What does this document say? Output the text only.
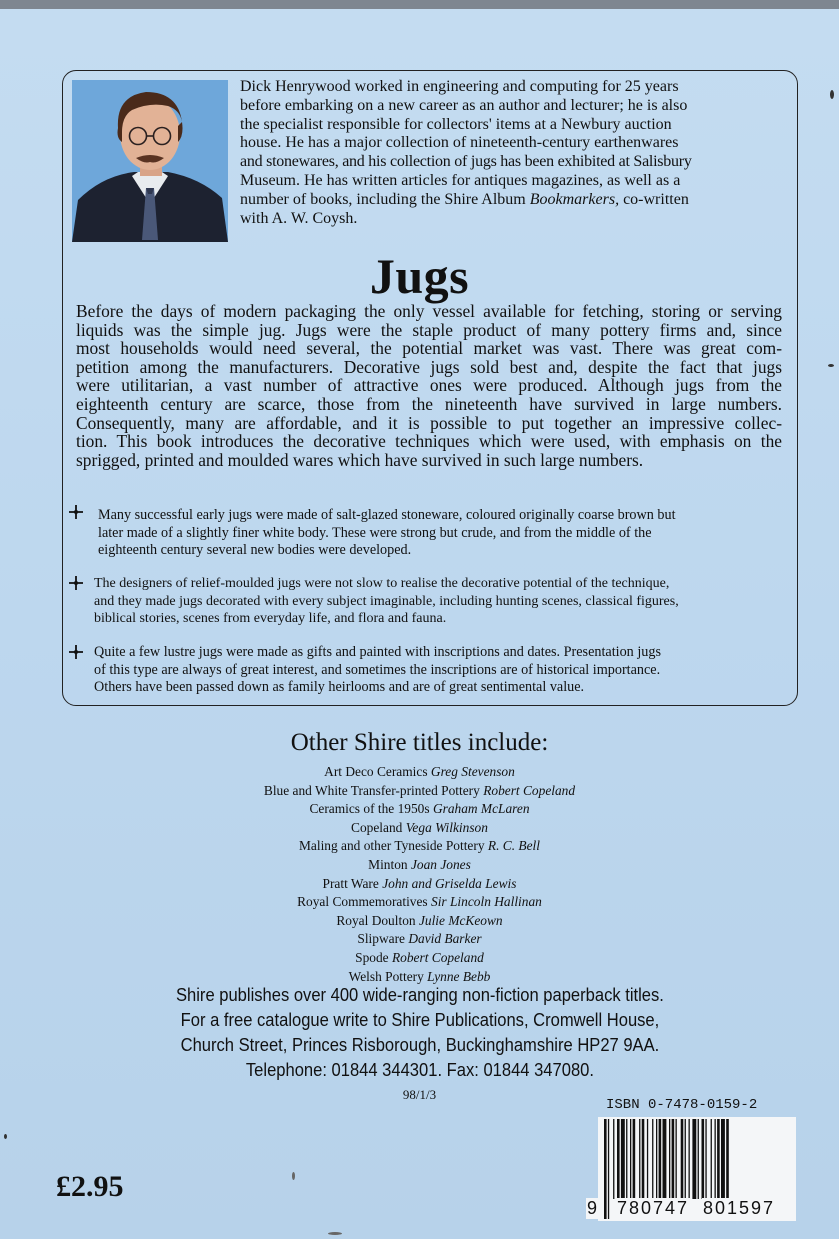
Dick Henrywood worked in engineering and computing for 25 years
before embarking on a new career as an author and lecturer; he is also
the specialist responsible for collectors' items at a Newbury auction
house. He has a major collection of nineteenth-century earthenwares
and stonewares, and his collection of jugs has been exhibited at Salisbury
Museum. He has written articles for antiques magazines, as well as a
number of books, including the Shire Album Bookmarkers, co-written
with A. W. Coysh.
Jugs
Before the days of modern packaging the only vessel available for fetching, storing or serving
liquids was the simple jug. Jugs were the staple product of many pottery firms and, since
most households would need several, the potential market was vast. There was great com-
petition among the manufacturers. Decorative jugs sold best and, despite the fact that jugs
were utilitarian, a vast number of attractive ones were produced. Although jugs from the
eighteenth century are scarce, those from the nineteenth have survived in large numbers.
Consequently, many are affordable, and it is possible to put together an impressive collec-
tion. This book introduces the decorative techniques which were used, with emphasis on the
sprigged, printed and moulded wares which have survived in such large numbers.
Many successful early jugs were made of salt-glazed stoneware, coloured originally coarse brown but
later made of a slightly finer white body. These were strong but crude, and from the middle of the
eighteenth century several new bodies were developed.
The designers of relief-moulded jugs were not slow to realise the decorative potential of the technique,
and they made jugs decorated with every subject imaginable, including hunting scenes, classical figures,
biblical stories, scenes from everyday life, and flora and fauna.
Quite a few lustre jugs were made as gifts and painted with inscriptions and dates. Presentation jugs
of this type are always of great interest, and sometimes the inscriptions are of historical importance.
Others have been passed down as family heirlooms and are of great sentimental value.
Other Shire titles include:
Art Deco Ceramics Greg Stevenson
Blue and White Transfer-printed Pottery Robert Copeland
Ceramics of the 1950s Graham McLaren
Copeland Vega Wilkinson
Maling and other Tyneside Pottery R. C. Bell
Minton Joan Jones
Pratt Ware John and Griselda Lewis
Royal Commemoratives Sir Lincoln Hallinan
Royal Doulton Julie McKeown
Slipware David Barker
Spode Robert Copeland
Welsh Pottery Lynne Bebb
Shire publishes over 400 wide-ranging non-fiction paperback titles.
For a free catalogue write to Shire Publications, Cromwell House,
Church Street, Princes Risborough, Buckinghamshire HP27 9AA.
Telephone: 01844 344301. Fax: 01844 347080.
98/1/3
ISBN 0-7478-0159-2
9 780747 801597
£2.95
